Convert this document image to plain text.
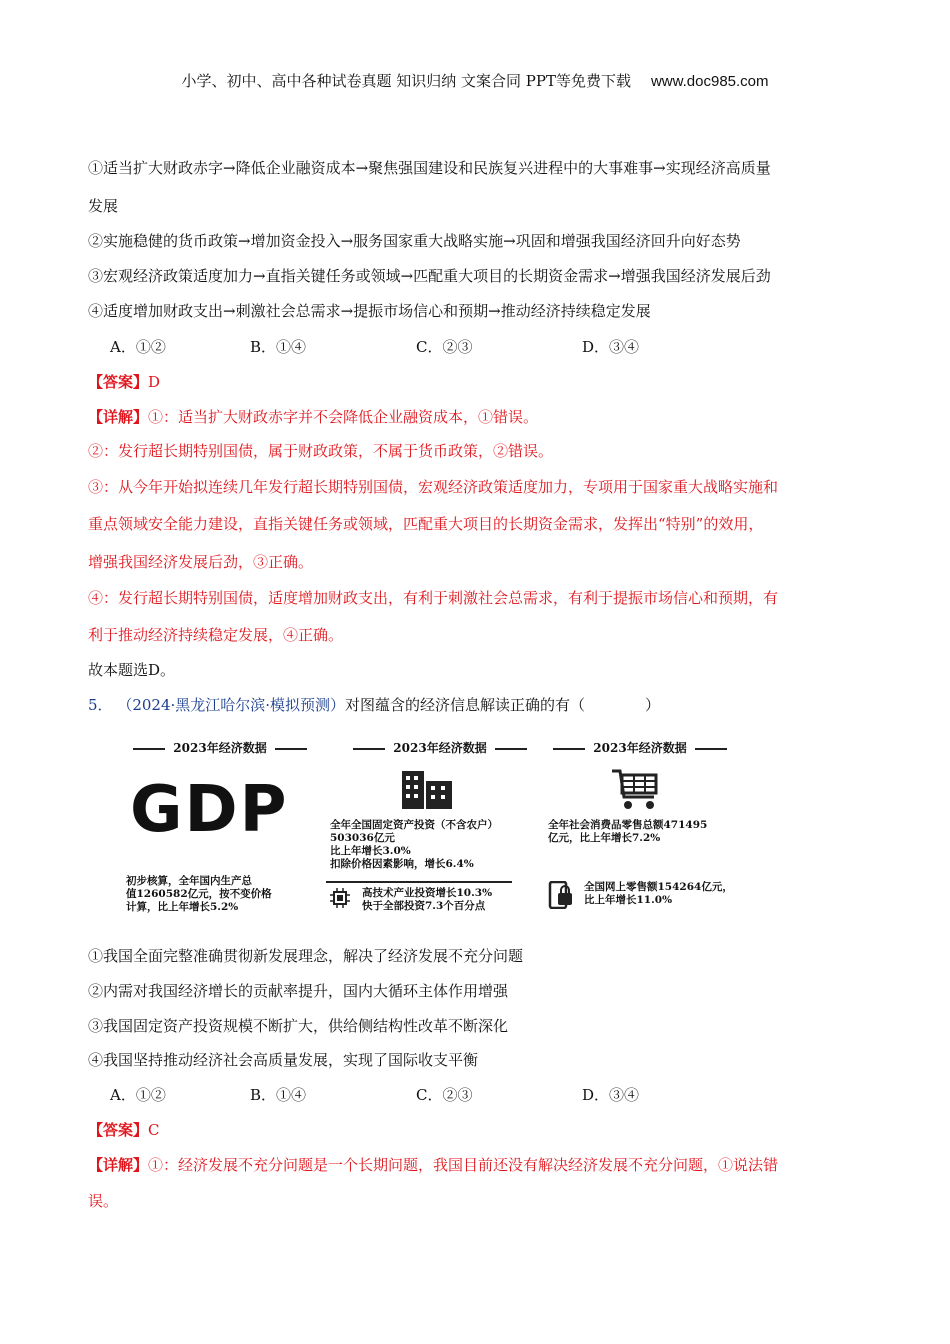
小学、初中、高中各种试卷真题 知识归纳 文案合同 PPT等免费下载 www.doc985.com
①适当扩大财政赤字→降低企业融资成本→聚焦强国建设和民族复兴进程中的大事难事→实现经济高质量
发展
②实施稳健的货币政策→增加资金投入→服务国家重大战略实施→巩固和增强我国经济回升向好态势
③宏观经济政策适度加力→直指关键任务或领域→匹配重大项目的长期资金需求→增强我国经济发展后劲
④适度增加财政支出→刺激社会总需求→提振市场信心和预期→推动经济持续稳定发展
A．①②	B．①④	C．②③	D．③④
【答案】D
【详解】①：适当扩大财政赤字并不会降低企业融资成本，①错误。
②：发行超长期特别国债，属于财政政策，不属于货币政策，②错误。
③：从今年开始拟连续几年发行超长期特别国债，宏观经济政策适度加力，专项用于国家重大战略实施和
重点领域安全能力建设，直指关键任务或领域，匹配重大项目的长期资金需求，发挥出“特别”的效用，
增强我国经济发展后劲，③正确。
④：发行超长期特别国债，适度增加财政支出，有利于刺激社会总需求，有利于提振市场信心和预期，有
利于推动经济持续稳定发展，④正确。
故本题选D。
5． （2024·黑龙江哈尔滨·模拟预测）对图蕴含的经济信息解读正确的有（　　　　）
2023年经济数据
GDP
初步核算，全年国内生产总
值1260582亿元，按不变价格
计算，比上年增长5.2%
2023年经济数据
全年全国固定资产投资（不含农户）
503036亿元
比上年增长3.0%
扣除价格因素影响，增长6.4%
高技术产业投资增长10.3%
快于全部投资7.3个百分点
2023年经济数据
全年社会消费品零售总额471495
亿元，比上年增长7.2%
全国网上零售额154264亿元，
比上年增长11.0%
①我国全面完整准确贯彻新发展理念，解决了经济发展不充分问题
②内需对我国经济增长的贡献率提升，国内大循环主体作用增强
③我国固定资产投资规模不断扩大，供给侧结构性改革不断深化
④我国坚持推动经济社会高质量发展，实现了国际收支平衡
A．①②	B．①④	C．②③	D．③④
【答案】C
【详解】①：经济发展不充分问题是一个长期问题，我国目前还没有解决经济发展不充分问题，①说法错
误。
